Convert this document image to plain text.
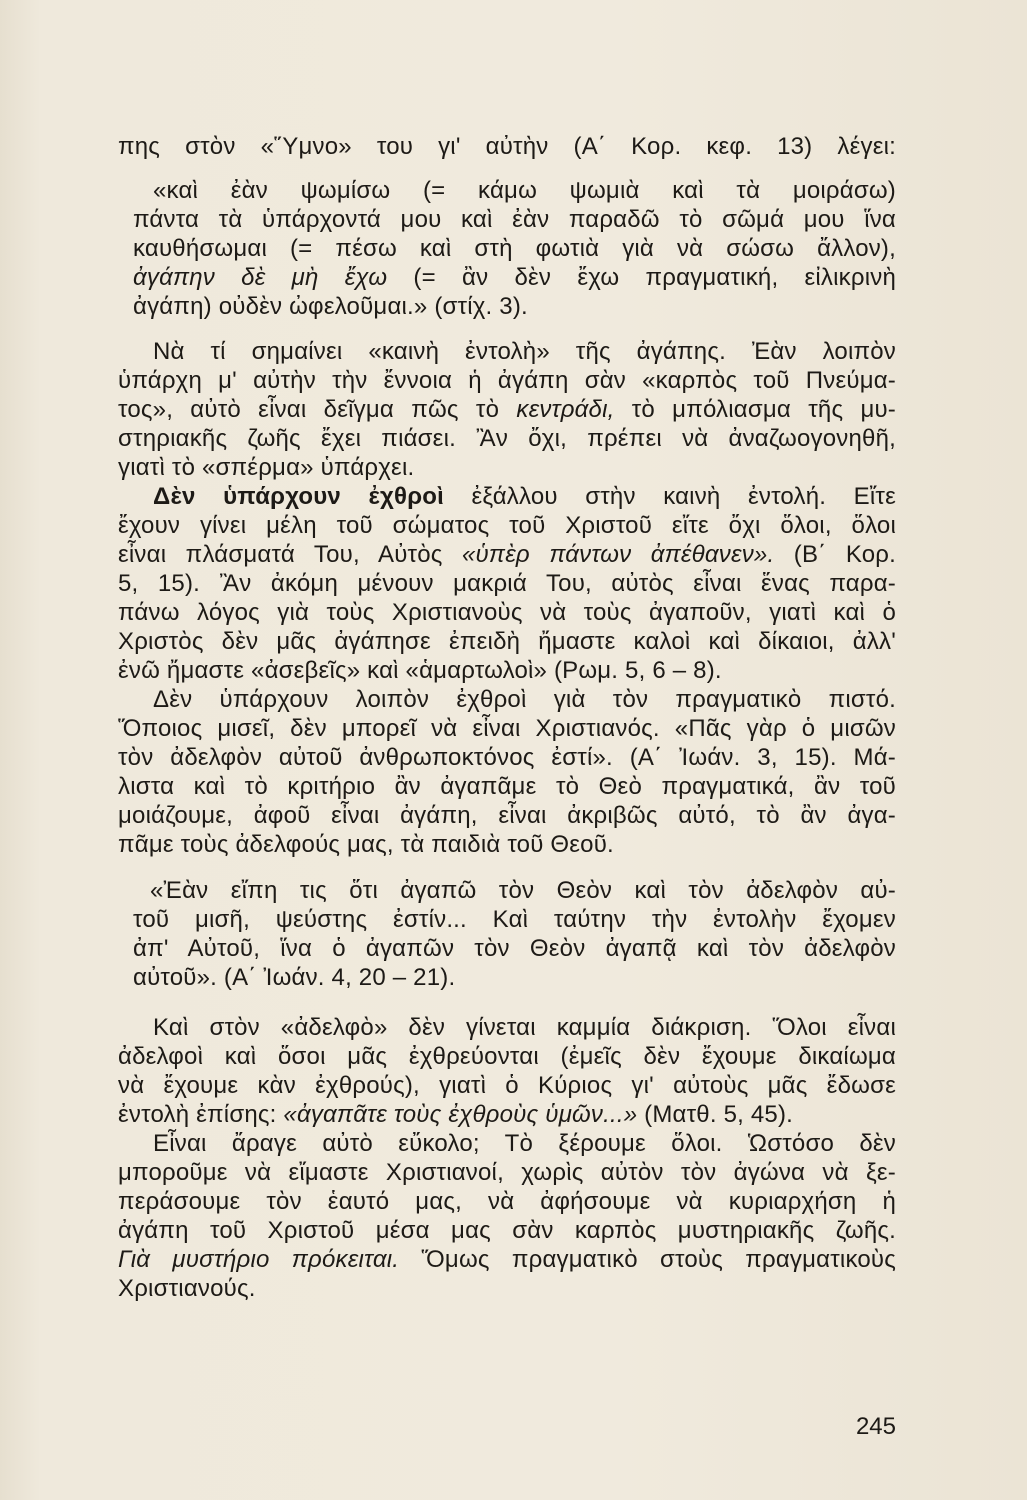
πης στὸν «Ὕμνο» του γι' αὐτὴν (Α΄ Κορ. κεφ. 13) λέγει:

«καὶ ἐὰν ψωμίσω (= κάμω ψωμιὰ καὶ τὰ μοιράσω)

πάντα τὰ ὑπάρχοντά μου καὶ ἐὰν παραδῶ τὸ σῶμά μου ἵνα

καυθήσωμαι (= πέσω καὶ στὴ φωτιὰ γιὰ νὰ σώσω ἄλλον),

ἀγάπην δὲ μὴ ἔχω (= ἂν δὲν ἔχω πραγματική, εἰλικρινὴ

ἀγάπη) οὐδὲν ὠφελοῦμαι.» (στίχ. 3).

Νὰ τί σημαίνει «καινὴ ἐντολὴ» τῆς ἀγάπης. Ἐὰν λοιπὸν

ὑπάρχη μ' αὐτὴν τὴν ἔννοια ἡ ἀγάπη σὰν «καρπὸς τοῦ Πνεύμα-

τος», αὐτὸ εἶναι δεῖγμα πῶς τὸ κεντράδι, τὸ μπόλιασμα τῆς μυ-

στηριακῆς ζωῆς ἔχει πιάσει. Ἂν ὄχι, πρέπει νὰ ἀναζωογονηθῆ,

γιατὶ τὸ «σπέρμα» ὑπάρχει.

Δὲν ὑπάρχουν ἐχθροὶ ἐξάλλου στὴν καινὴ ἐντολή. Εἴτε

ἔχουν γίνει μέλη τοῦ σώματος τοῦ Χριστοῦ εἴτε ὄχι ὅλοι, ὅλοι

εἶναι πλάσματά Του, Αὐτὸς «ὑπὲρ πάντων ἀπέθανεν». (Β΄ Κορ.

5, 15). Ἂν ἀκόμη μένουν μακριά Του, αὐτὸς εἶναι ἕνας παρα-

πάνω λόγος γιὰ τοὺς Χριστιανοὺς νὰ τοὺς ἀγαποῦν, γιατὶ καὶ ὁ

Χριστὸς δὲν μᾶς ἀγάπησε ἐπειδὴ ἤμαστε καλοὶ καὶ δίκαιοι, ἀλλ'

ἐνῶ ἤμαστε «ἀσεβεῖς» καὶ «ἁμαρτωλοὶ» (Ρωμ. 5, 6 – 8).

Δὲν ὑπάρχουν λοιπὸν ἐχθροὶ γιὰ τὸν πραγματικὸ πιστό.

Ὅποιος μισεῖ, δὲν μπορεῖ νὰ εἶναι Χριστιανός. «Πᾶς γὰρ ὁ μισῶν

τὸν ἀδελφὸν αὐτοῦ ἀνθρωποκτόνος ἐστί». (Α΄ Ἰωάν. 3, 15). Μά-

λιστα καὶ τὸ κριτήριο ἂν ἀγαπᾶμε τὸ Θεὸ πραγματικά, ἂν τοῦ

μοιάζουμε, ἀφοῦ εἶναι ἀγάπη, εἶναι ἀκριβῶς αὐτό, τὸ ἂν ἀγα-

πᾶμε τοὺς ἀδελφούς μας, τὰ παιδιὰ τοῦ Θεοῦ.

«Ἐὰν εἴπη τις ὅτι ἀγαπῶ τὸν Θεὸν καὶ τὸν ἀδελφὸν αὐ-

τοῦ μισῆ, ψεύστης ἐστίν... Καὶ ταύτην τὴν ἐντολὴν ἔχομεν

ἀπ' Αὐτοῦ, ἵνα ὁ ἀγαπῶν τὸν Θεὸν ἀγαπᾷ καὶ τὸν ἀδελφὸν

αὐτοῦ». (Α΄ Ἰωάν. 4, 20 – 21).

Καὶ στὸν «ἀδελφὸ» δὲν γίνεται καμμία διάκριση. Ὅλοι εἶναι

ἀδελφοὶ καὶ ὅσοι μᾶς ἐχθρεύονται (ἐμεῖς δὲν ἔχουμε δικαίωμα

νὰ ἔχουμε κὰν ἐχθρούς), γιατὶ ὁ Κύριος γι' αὐτοὺς μᾶς ἔδωσε

ἐντολὴ ἐπίσης: «ἀγαπᾶτε τοὺς ἐχθροὺς ὑμῶν...» (Ματθ. 5, 45).

Εἶναι ἄραγε αὐτὸ εὔκολο; Τὸ ξέρουμε ὅλοι. Ὡστόσο δὲν

μποροῦμε νὰ εἴμαστε Χριστιανοί, χωρὶς αὐτὸν τὸν ἀγώνα νὰ ξε-

περάσουμε τὸν ἑαυτό μας, νὰ ἀφήσουμε νὰ κυριαρχήση ἡ

ἀγάπη τοῦ Χριστοῦ μέσα μας σὰν καρπὸς μυστηριακῆς ζωῆς.

Γιὰ μυστήριο πρόκειται. Ὅμως πραγματικὸ στοὺς πραγματικοὺς

Χριστιανούς.

245
